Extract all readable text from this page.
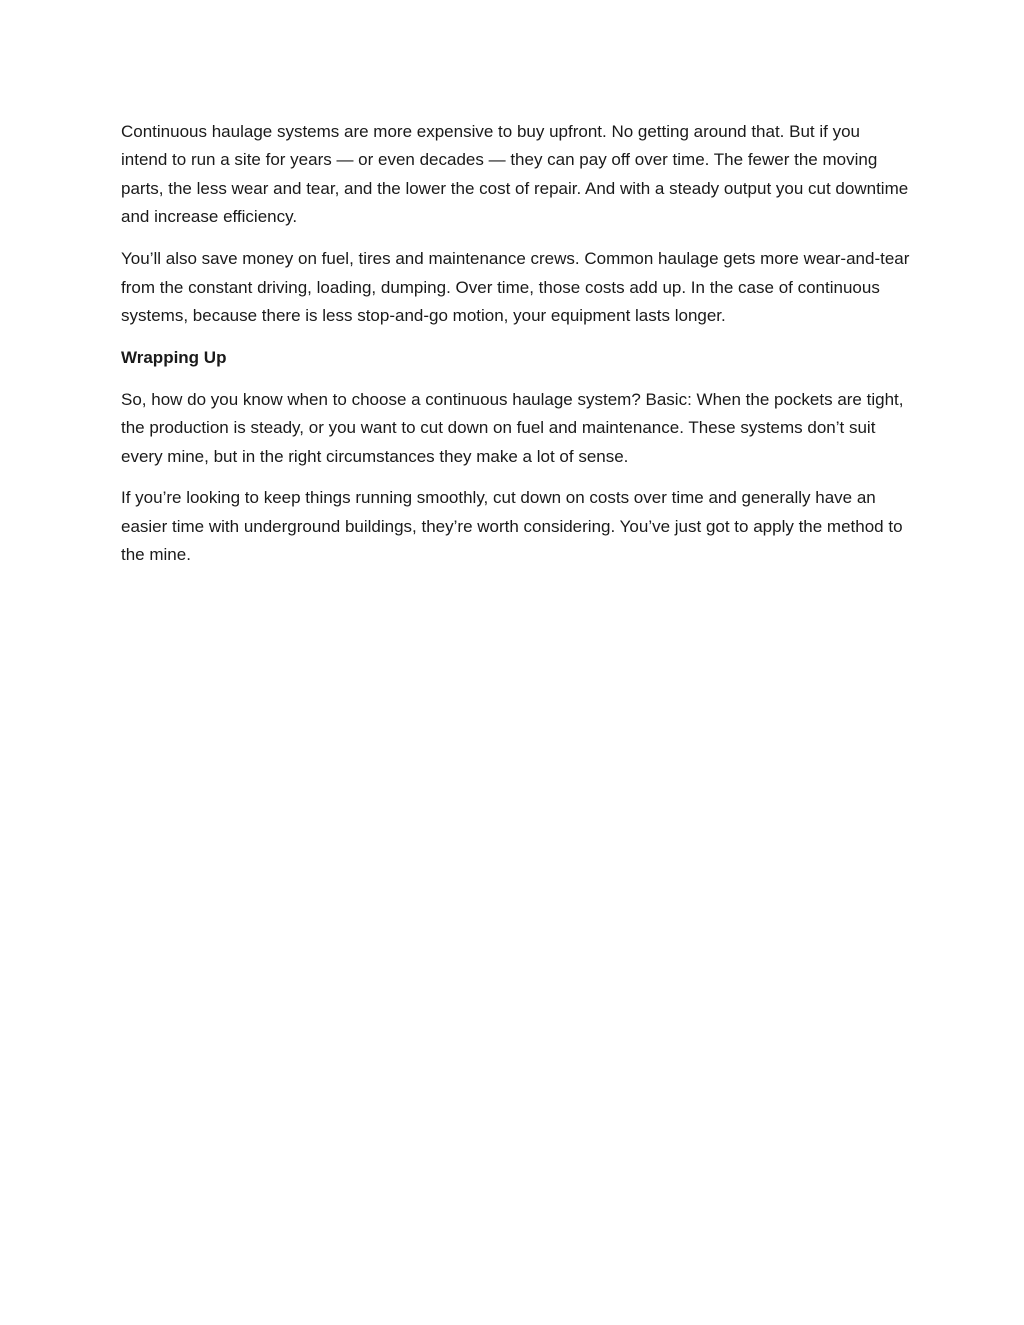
Continuous haulage systems are more expensive to buy upfront. No getting around that. But if you intend to run a site for years — or even decades — they can pay off over time. The fewer the moving parts, the less wear and tear, and the lower the cost of repair. And with a steady output you cut downtime and increase efficiency.

You’ll also save money on fuel, tires and maintenance crews. Common haulage gets more wear-and-tear from the constant driving, loading, dumping. Over time, those costs add up. In the case of continuous systems, because there is less stop-and-go motion, your equipment lasts longer.

Wrapping Up

So, how do you know when to choose a continuous haulage system? Basic: When the pockets are tight, the production is steady, or you want to cut down on fuel and maintenance. These systems don’t suit every mine, but in the right circumstances they make a lot of sense.

If you’re looking to keep things running smoothly, cut down on costs over time and generally have an easier time with underground buildings, they’re worth considering. You’ve just got to apply the method to the mine.
